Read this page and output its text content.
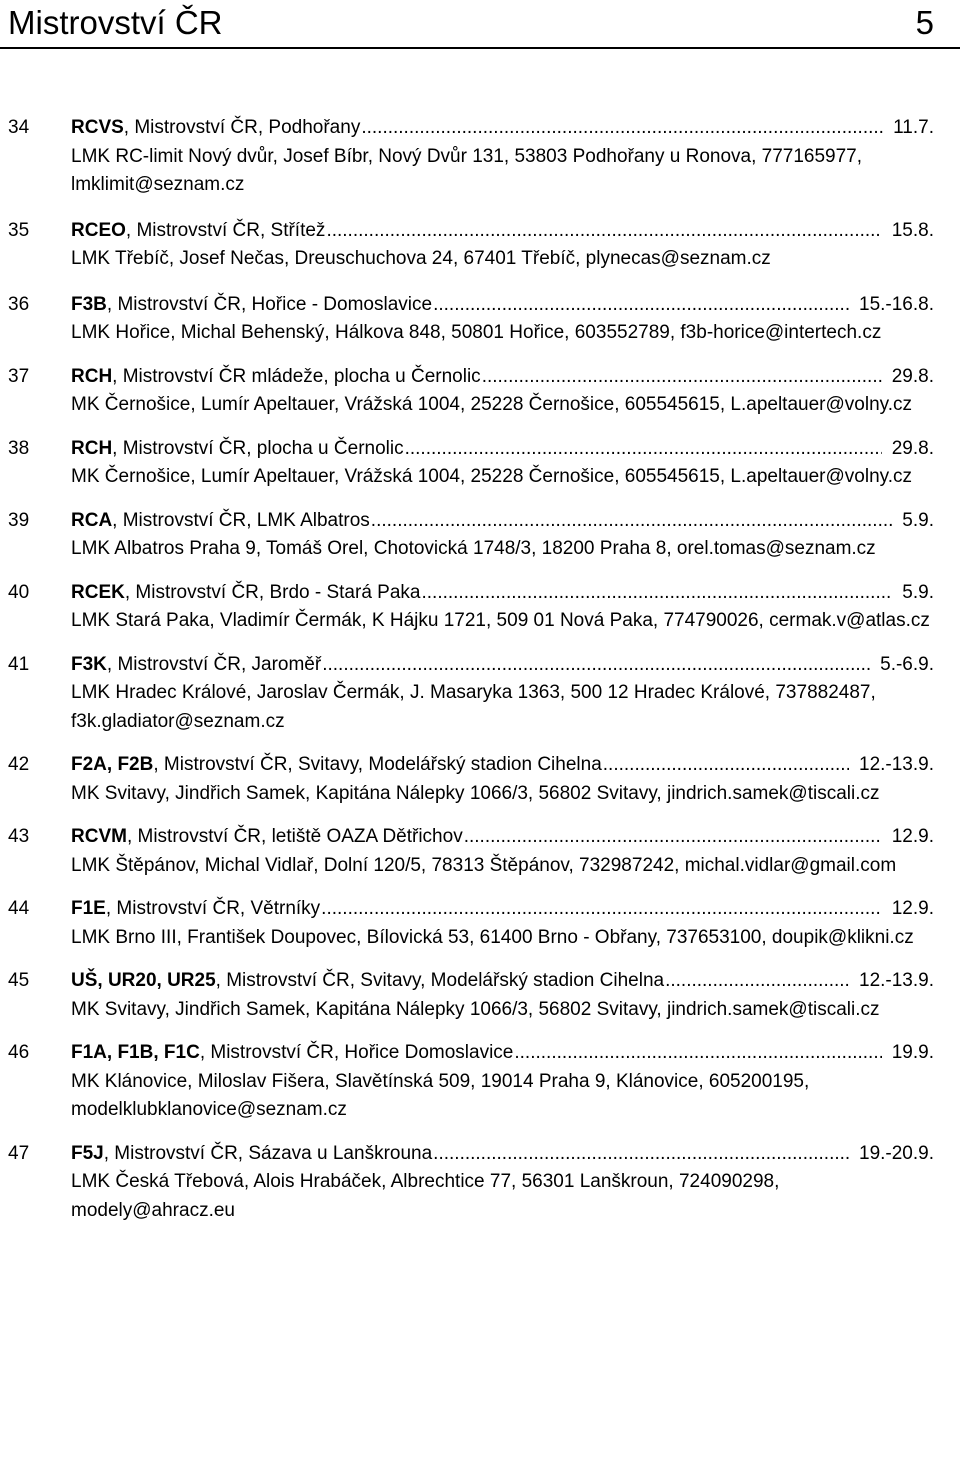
Mistrovství ČR	5
34 RCVS, Mistrovství ČR, Podhořany .....	11.7.
LMK RC-limit Nový dvůr, Josef Bíbr, Nový Dvůr 131, 53803 Podhořany u Ronova, 777165977, lmklimit@seznam.cz
35 RCEO, Mistrovství ČR, Střítež .....	15.8.
LMK Třebíč, Josef Nečas, Dreuschuchova 24, 67401 Třebíč, plynecas@seznam.cz
36 F3B, Mistrovství ČR, Hořice - Domoslavice .....	15.-16.8.
LMK Hořice, Michal Behenský, Hálkova 848, 50801 Hořice, 603552789, f3b-horice@intertech.cz
37 RCH, Mistrovství ČR mládeže, plocha u Černolic .....	29.8.
MK Černošice, Lumír Apeltauer, Vrážská 1004, 25228 Černošice, 605545615, L.apeltauer@volny.cz
38 RCH, Mistrovství ČR, plocha u Černolic .....	29.8.
MK Černošice, Lumír Apeltauer, Vrážská 1004, 25228 Černošice, 605545615, L.apeltauer@volny.cz
39 RCA, Mistrovství ČR, LMK Albatros .....	5.9.
LMK Albatros Praha 9, Tomáš Orel, Chotovická 1748/3, 18200 Praha 8, orel.tomas@seznam.cz
40 RCEK, Mistrovství ČR, Brdo - Stará Paka .....	5.9.
LMK Stará Paka, Vladimír Čermák, K Hájku 1721, 509 01 Nová Paka, 774790026, cermak.v@atlas.cz
41 F3K, Mistrovství ČR, Jaroměř .....	5.-6.9.
LMK Hradec Králové, Jaroslav Čermák, J. Masaryka 1363, 500 12 Hradec Králové, 737882487, f3k.gladiator@seznam.cz
42 F2A, F2B, Mistrovství ČR, Svitavy, Modelářský stadion Cihelna .....	12.-13.9.
MK Svitavy, Jindřich Samek, Kapitána Nálepky 1066/3, 56802 Svitavy, jindrich.samek@tiscali.cz
43 RCVM, Mistrovství ČR, letiště OAZA Dětřichov .....	12.9.
LMK Štěpánov, Michal Vidlař, Dolní 120/5, 78313 Štěpánov, 732987242, michal.vidlar@gmail.com
44 F1E, Mistrovství ČR, Větrníky .....	12.9.
LMK Brno III, František Doupovec, Bílovická 53, 61400 Brno - Obřany, 737653100, doupik@klikni.cz
45 UŠ, UR20, UR25, Mistrovství ČR, Svitavy, Modelářský stadion Cihelna .....	12.-13.9.
MK Svitavy, Jindřich Samek, Kapitána Nálepky 1066/3, 56802 Svitavy, jindrich.samek@tiscali.cz
46 F1A, F1B, F1C, Mistrovství ČR, Hořice Domoslavice .....	19.9.
MK Klánovice, Miloslav Fišera, Slavětínská 509, 19014 Praha 9, Klánovice, 605200195, modelklubklanovice@seznam.cz
47 F5J, Mistrovství ČR, Sázava u Lanškrouna .....	19.-20.9.
LMK Česká Třebová, Alois Hrabáček, Albrechtice 77, 56301 Lanškroun, 724090298, modely@ahracz.eu
